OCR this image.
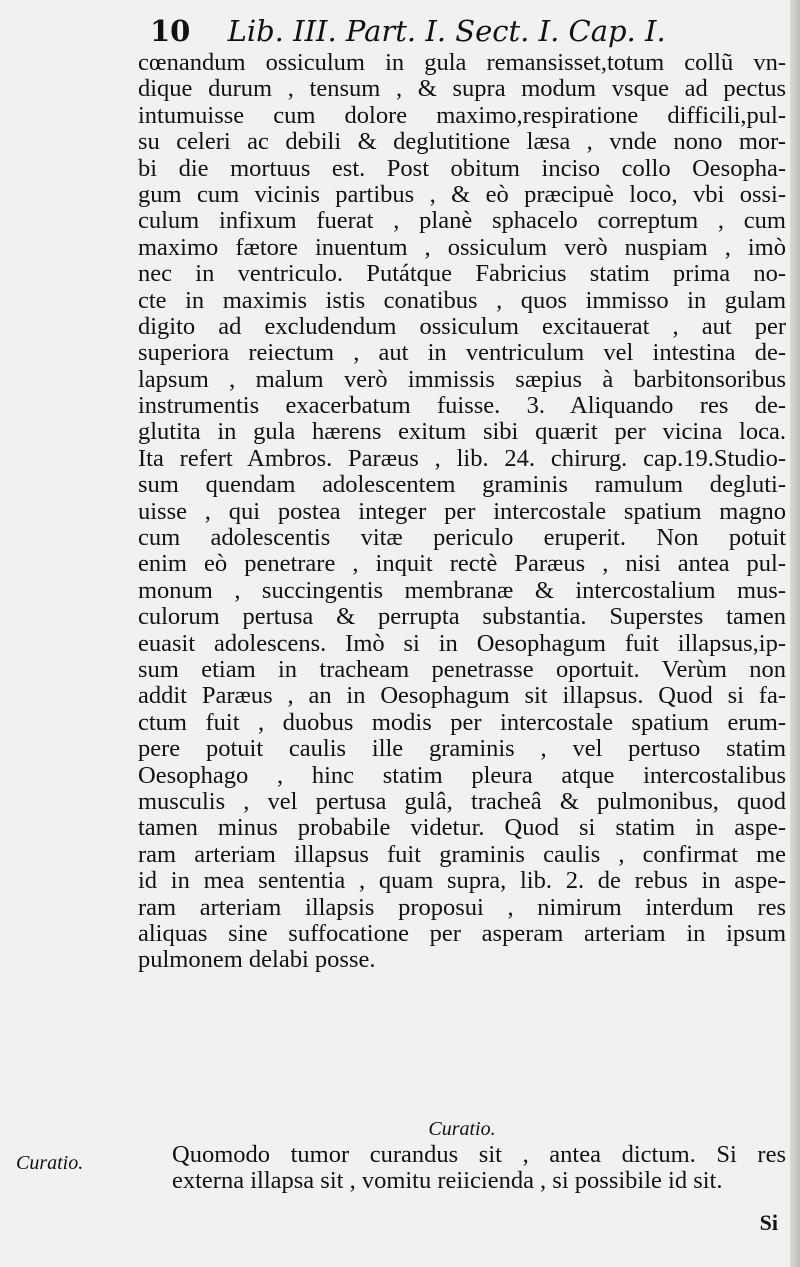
10 Lib. III. Part. I. Sect. I. Cap. I.
cœnandum ossiculum in gula remansisset,totum collũ vn-
dique durum , tensum , & supra modum vsque ad pectus
intumuisse cum dolore maximo,respiratione difficili,pul-
su celeri ac debili & deglutitione læsa , vnde nono mor-
bi die mortuus est. Post obitum inciso collo Oesopha-
gum cum vicinis partibus , & eò præcipuè loco, vbi ossi-
culum infixum fuerat , planè sphacelo correptum , cum
maximo fætore inuentum , ossiculum verò nuspiam , imò
nec in ventriculo. Putátque Fabricius statim prima no-
cte in maximis istis conatibus , quos immisso in gulam
digito ad excludendum ossiculum excitauerat , aut per
superiora reiectum , aut in ventriculum vel intestina de-
lapsum , malum verò immissis sæpius à barbitonsoribus
instrumentis exacerbatum fuisse. 3. Aliquando res de-
glutita in gula hærens exitum sibi quærit per vicina loca.
Ita refert Ambros. Paræus , lib. 24. chirurg. cap.19.Studio-
sum quendam adolescentem graminis ramulum degluti-
uisse , qui postea integer per intercostale spatium magno
cum adolescentis vitæ periculo eruperit. Non potuit
enim eò penetrare , inquit rectè Paræus , nisi antea pul-
monum , succingentis membranæ & intercostalium mus-
culorum pertusa & perrupta substantia. Superstes tamen
euasit adolescens. Imò si in Oesophagum fuit illapsus,ip-
sum etiam in tracheam penetrasse oportuit. Verùm non
addit Paræus , an in Oesophagum sit illapsus. Quod si fa-
ctum fuit , duobus modis per intercostale spatium erum-
pere potuit caulis ille graminis , vel pertuso statim
Oesophago , hinc statim pleura atque intercostalibus
musculis , vel pertusa gulâ, tracheâ & pulmonibus, quod
tamen minus probabile videtur. Quod si statim in aspe-
ram arteriam illapsus fuit graminis caulis , confirmat me
id in mea sententia , quam supra, lib. 2. de rebus in aspe-
ram arteriam illapsis proposui , nimirum interdum res
aliquas sine suffocatione per asperam arteriam in ipsum
pulmonem delabi posse.
Curatio.
Curatio.	Quomodo tumor curandus sit , antea dictum. Si res
externa illapsa sit , vomitu reiicienda , si possibile id sit.
Si
